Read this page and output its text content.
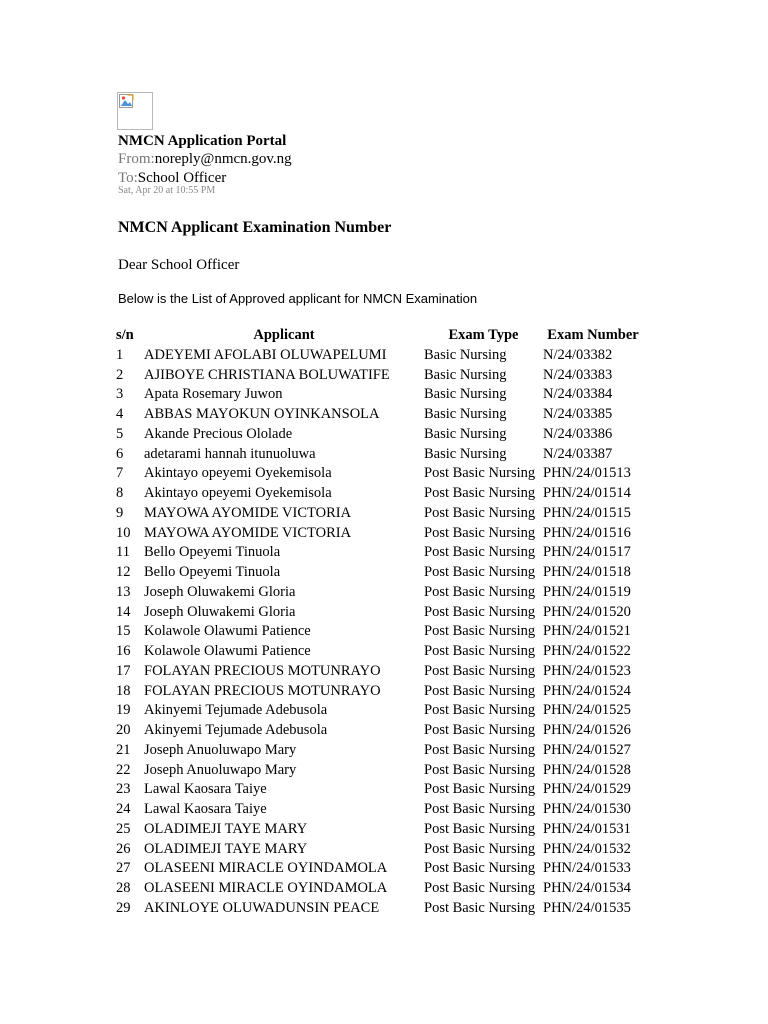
NMCN Application Portal
From:noreply@nmcn.gov.ng
To:School Officer
Sat, Apr 20 at 10:55 PM
NMCN Applicant Examination Number
Dear School Officer
Below is the List of Approved applicant for NMCN Examination
s/n	Applicant	Exam Type	Exam Number
1	ADEYEMI AFOLABI OLUWAPELUMI	Basic Nursing	N/24/03382
2	AJIBOYE CHRISTIANA BOLUWATIFE	Basic Nursing	N/24/03383
3	Apata Rosemary Juwon	Basic Nursing	N/24/03384
4	ABBAS MAYOKUN OYINKANSOLA	Basic Nursing	N/24/03385
5	Akande Precious Ololade	Basic Nursing	N/24/03386
6	adetarami hannah itunuoluwa	Basic Nursing	N/24/03387
7	Akintayo opeyemi Oyekemisola	Post Basic Nursing	PHN/24/01513
8	Akintayo opeyemi Oyekemisola	Post Basic Nursing	PHN/24/01514
9	MAYOWA AYOMIDE VICTORIA	Post Basic Nursing	PHN/24/01515
10	MAYOWA AYOMIDE VICTORIA	Post Basic Nursing	PHN/24/01516
11	Bello Opeyemi Tinuola	Post Basic Nursing	PHN/24/01517
12	Bello Opeyemi Tinuola	Post Basic Nursing	PHN/24/01518
13	Joseph Oluwakemi Gloria	Post Basic Nursing	PHN/24/01519
14	Joseph Oluwakemi Gloria	Post Basic Nursing	PHN/24/01520
15	Kolawole Olawumi Patience	Post Basic Nursing	PHN/24/01521
16	Kolawole Olawumi Patience	Post Basic Nursing	PHN/24/01522
17	FOLAYAN PRECIOUS MOTUNRAYO	Post Basic Nursing	PHN/24/01523
18	FOLAYAN PRECIOUS MOTUNRAYO	Post Basic Nursing	PHN/24/01524
19	Akinyemi Tejumade Adebusola	Post Basic Nursing	PHN/24/01525
20	Akinyemi Tejumade Adebusola	Post Basic Nursing	PHN/24/01526
21	Joseph Anuoluwapo Mary	Post Basic Nursing	PHN/24/01527
22	Joseph Anuoluwapo Mary	Post Basic Nursing	PHN/24/01528
23	Lawal Kaosara Taiye	Post Basic Nursing	PHN/24/01529
24	Lawal Kaosara Taiye	Post Basic Nursing	PHN/24/01530
25	OLADIMEJI TAYE MARY	Post Basic Nursing	PHN/24/01531
26	OLADIMEJI TAYE MARY	Post Basic Nursing	PHN/24/01532
27	OLASEENI MIRACLE OYINDAMOLA	Post Basic Nursing	PHN/24/01533
28	OLASEENI MIRACLE OYINDAMOLA	Post Basic Nursing	PHN/24/01534
29	AKINLOYE OLUWADUNSIN PEACE	Post Basic Nursing	PHN/24/01535
